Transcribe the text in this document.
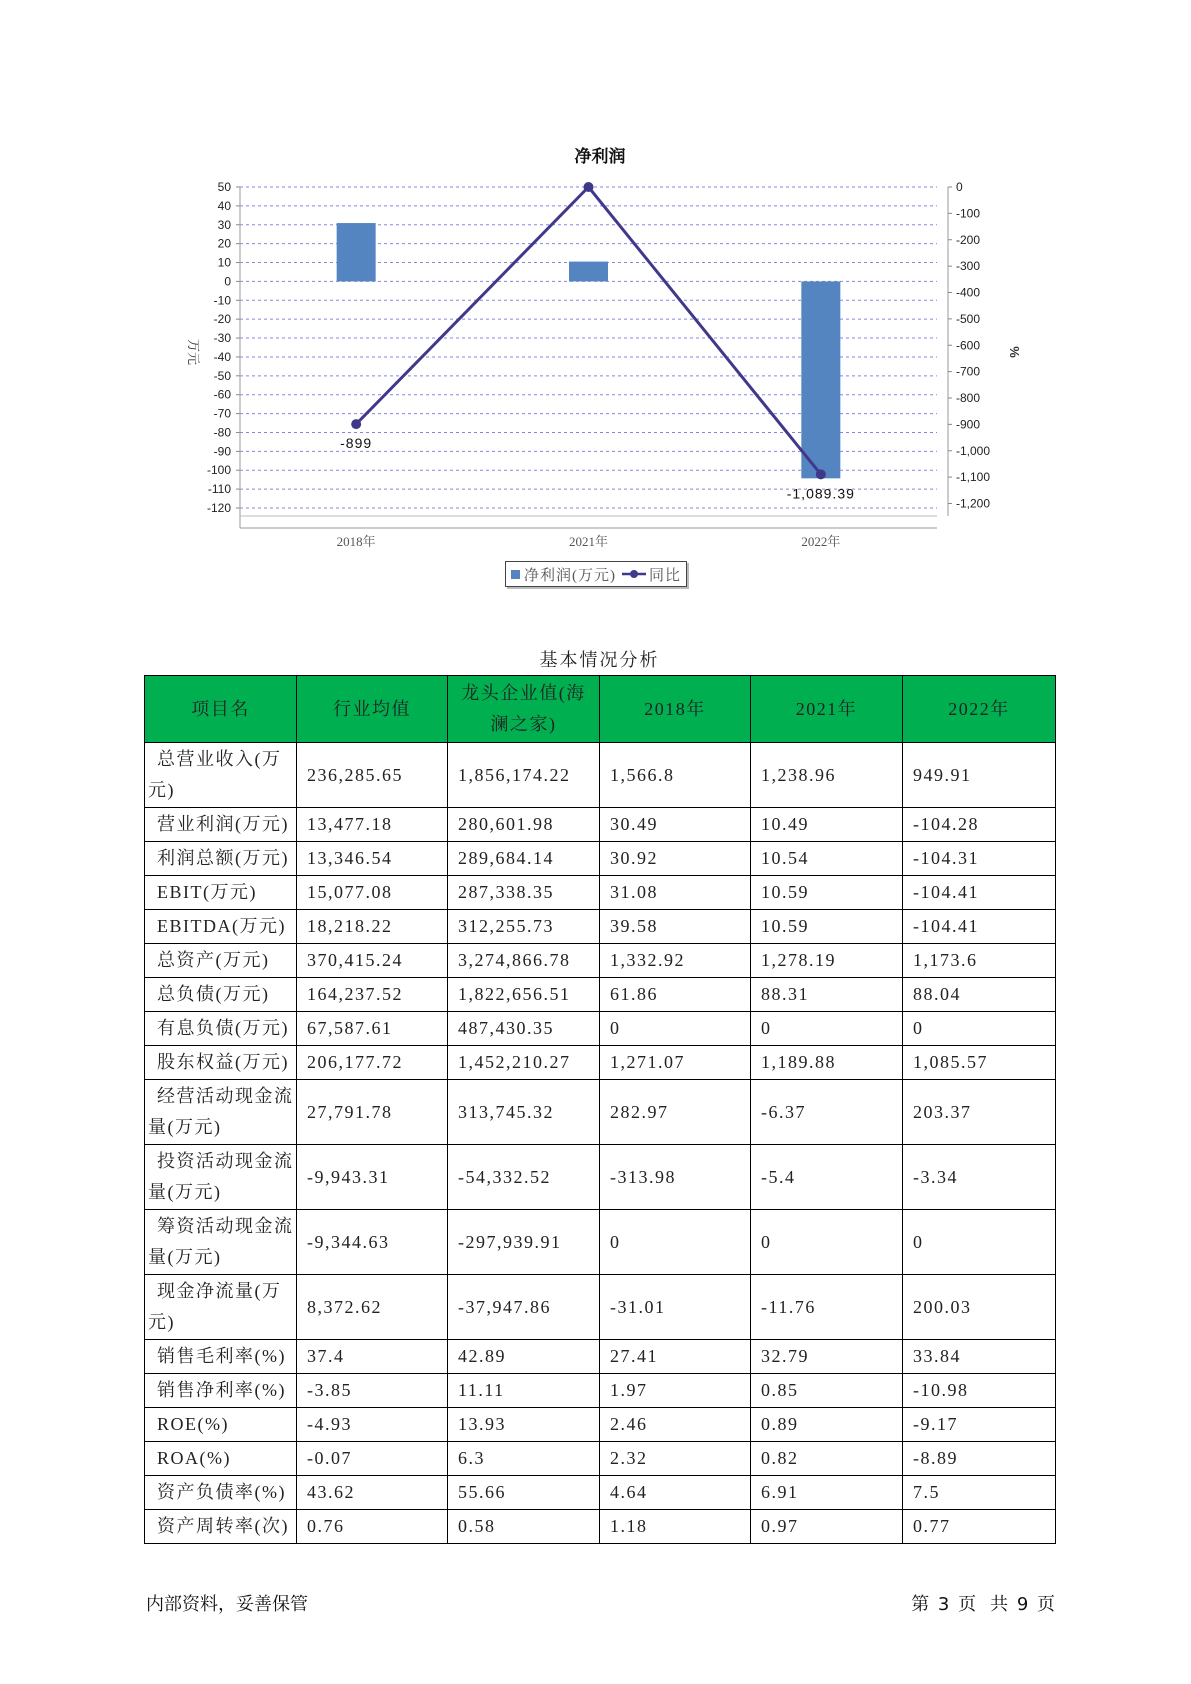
净利润
50
40
30
20
10
0
-10
-20
-30
-40
-50
-60
-70
-80
-90
-100
-110
-120
0
-100
-200
-300
-400
-500
-600
-700
-800
-900
-1,000
-1,100
-1,200
万元	%
2018年	2021年	2022年
-899
-1,089.39
净利润(万元) 同比
基本情况分析
项目名	行业均值	龙头企业值(海澜之家)	2018年	2021年	2022年
总营业收入(万元)	236,285.65	1,856,174.22	1,566.8	1,238.96	949.91
营业利润(万元)	13,477.18	280,601.98	30.49	10.49	-104.28
利润总额(万元)	13,346.54	289,684.14	30.92	10.54	-104.31
EBIT(万元)	15,077.08	287,338.35	31.08	10.59	-104.41
EBITDA(万元)	18,218.22	312,255.73	39.58	10.59	-104.41
总资产(万元)	370,415.24	3,274,866.78	1,332.92	1,278.19	1,173.6
总负债(万元)	164,237.52	1,822,656.51	61.86	88.31	88.04
有息负债(万元)	67,587.61	487,430.35	0	0	0
股东权益(万元)	206,177.72	1,452,210.27	1,271.07	1,189.88	1,085.57
经营活动现金流量(万元)	27,791.78	313,745.32	282.97	-6.37	203.37
投资活动现金流量(万元)	-9,943.31	-54,332.52	-313.98	-5.4	-3.34
筹资活动现金流量(万元)	-9,344.63	-297,939.91	0	0	0
现金净流量(万元)	8,372.62	-37,947.86	-31.01	-11.76	200.03
销售毛利率(%)	37.4	42.89	27.41	32.79	33.84
销售净利率(%)	-3.85	11.11	1.97	0.85	-10.98
ROE(%)	-4.93	13.93	2.46	0.89	-9.17
ROA(%)	-0.07	6.3	2.32	0.82	-8.89
资产负债率(%)	43.62	55.66	4.64	6.91	7.5
资产周转率(次)	0.76	0.58	1.18	0.97	0.77
内部资料，妥善保管	第 3 页 共 9 页
